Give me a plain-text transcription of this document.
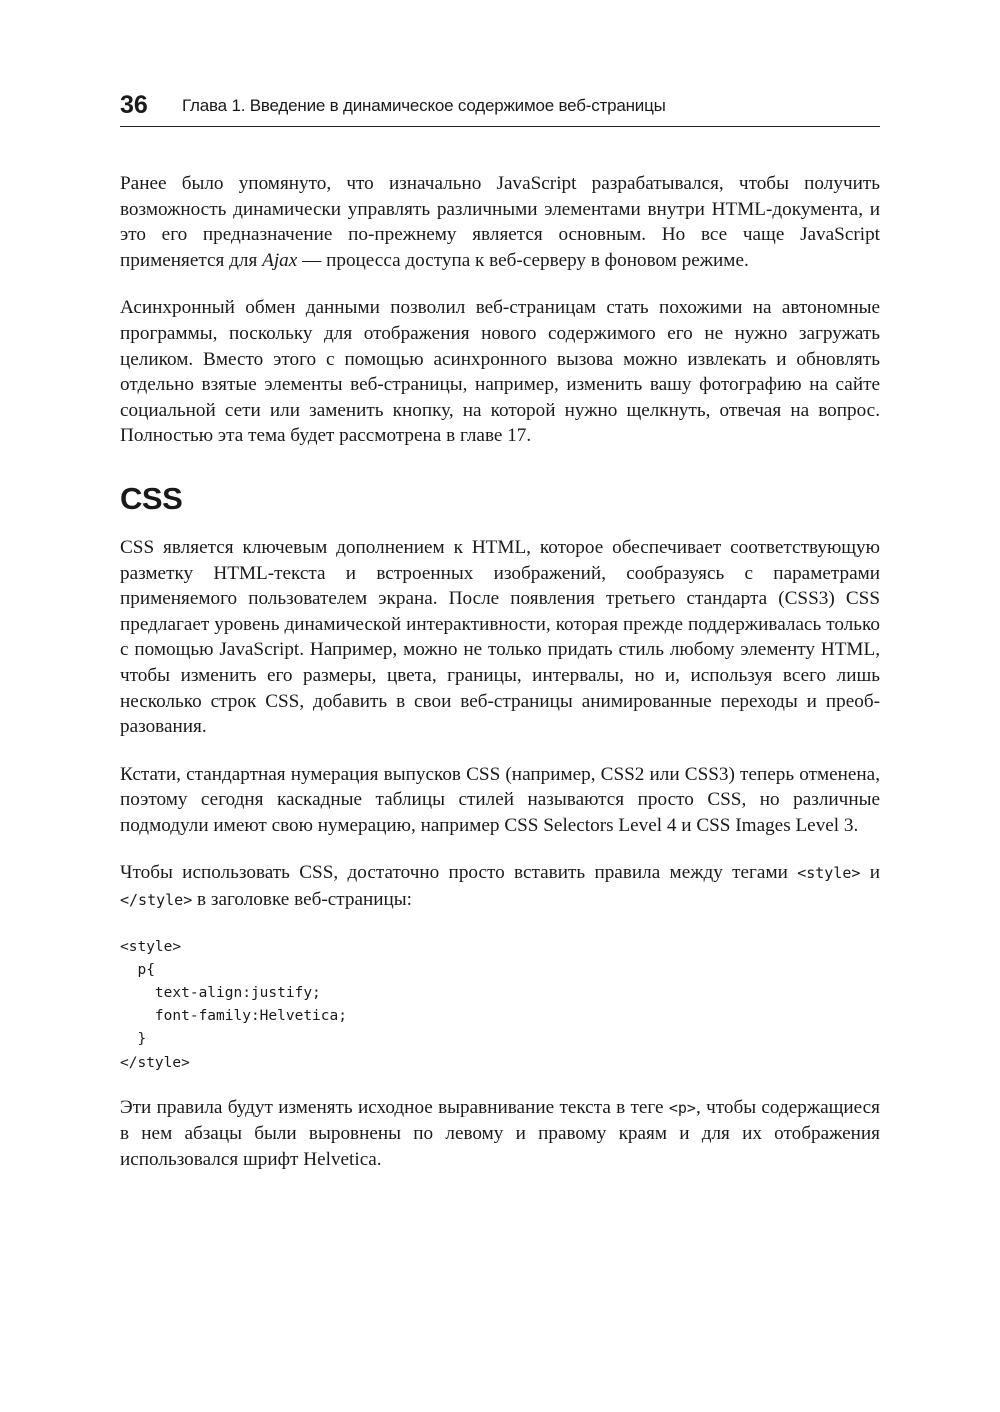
36	Глава 1. Введение в динамическое содержимое веб-страницы

Ранее было упомянуто, что изначально JavaScript разрабатывался, чтобы получить возможность динамически управлять различными элементами внутри HTML-документа, и это его предназначение по-прежнему является основным. Но все чаще JavaScript применяется для Ajax — процесса доступа к веб-серверу в фоновом режиме.

Асинхронный обмен данными позволил веб-страницам стать похожими на автономные программы, поскольку для отображения нового содержимого его не нужно загружать целиком. Вместо этого с помощью асинхронного вызова можно извлекать и обновлять отдельно взятые элементы веб-страницы, например, изменить вашу фотографию на сайте социальной сети или заменить кнопку, на которой нужно щелкнуть, отвечая на вопрос. Полностью эта тема будет рассмотрена в главе 17.

CSS

CSS является ключевым дополнением к HTML, которое обеспечивает соответствующую разметку HTML-текста и встроенных изображений, сообразуясь с параметрами применяемого пользователем экрана. После появления третьего стандарта (CSS3) CSS предлагает уровень динамической интерактивности, которая прежде поддерживалась только с помощью JavaScript. Например, можно не только придать стиль любому элементу HTML, чтобы изменить его размеры, цвета, границы, интервалы, но и, используя всего лишь несколько строк CSS, добавить в свои веб-страницы анимированные переходы и преобразования.

Кстати, стандартная нумерация выпусков CSS (например, CSS2 или CSS3) теперь отменена, поэтому сегодня каскадные таблицы стилей называются просто CSS, но различные подмодули имеют свою нумерацию, например CSS Selectors Level 4 и CSS Images Level 3.

Чтобы использовать CSS, достаточно просто вставить правила между тегами <style> и </style> в заголовке веб-страницы:

<style>
p{
text-align:justify;
font-family:Helvetica;
}
</style>

Эти правила будут изменять исходное выравнивание текста в теге <p>, чтобы содержащиеся в нем абзацы были выровнены по левому и правому краям и для их отображения использовался шрифт Helvetica.
